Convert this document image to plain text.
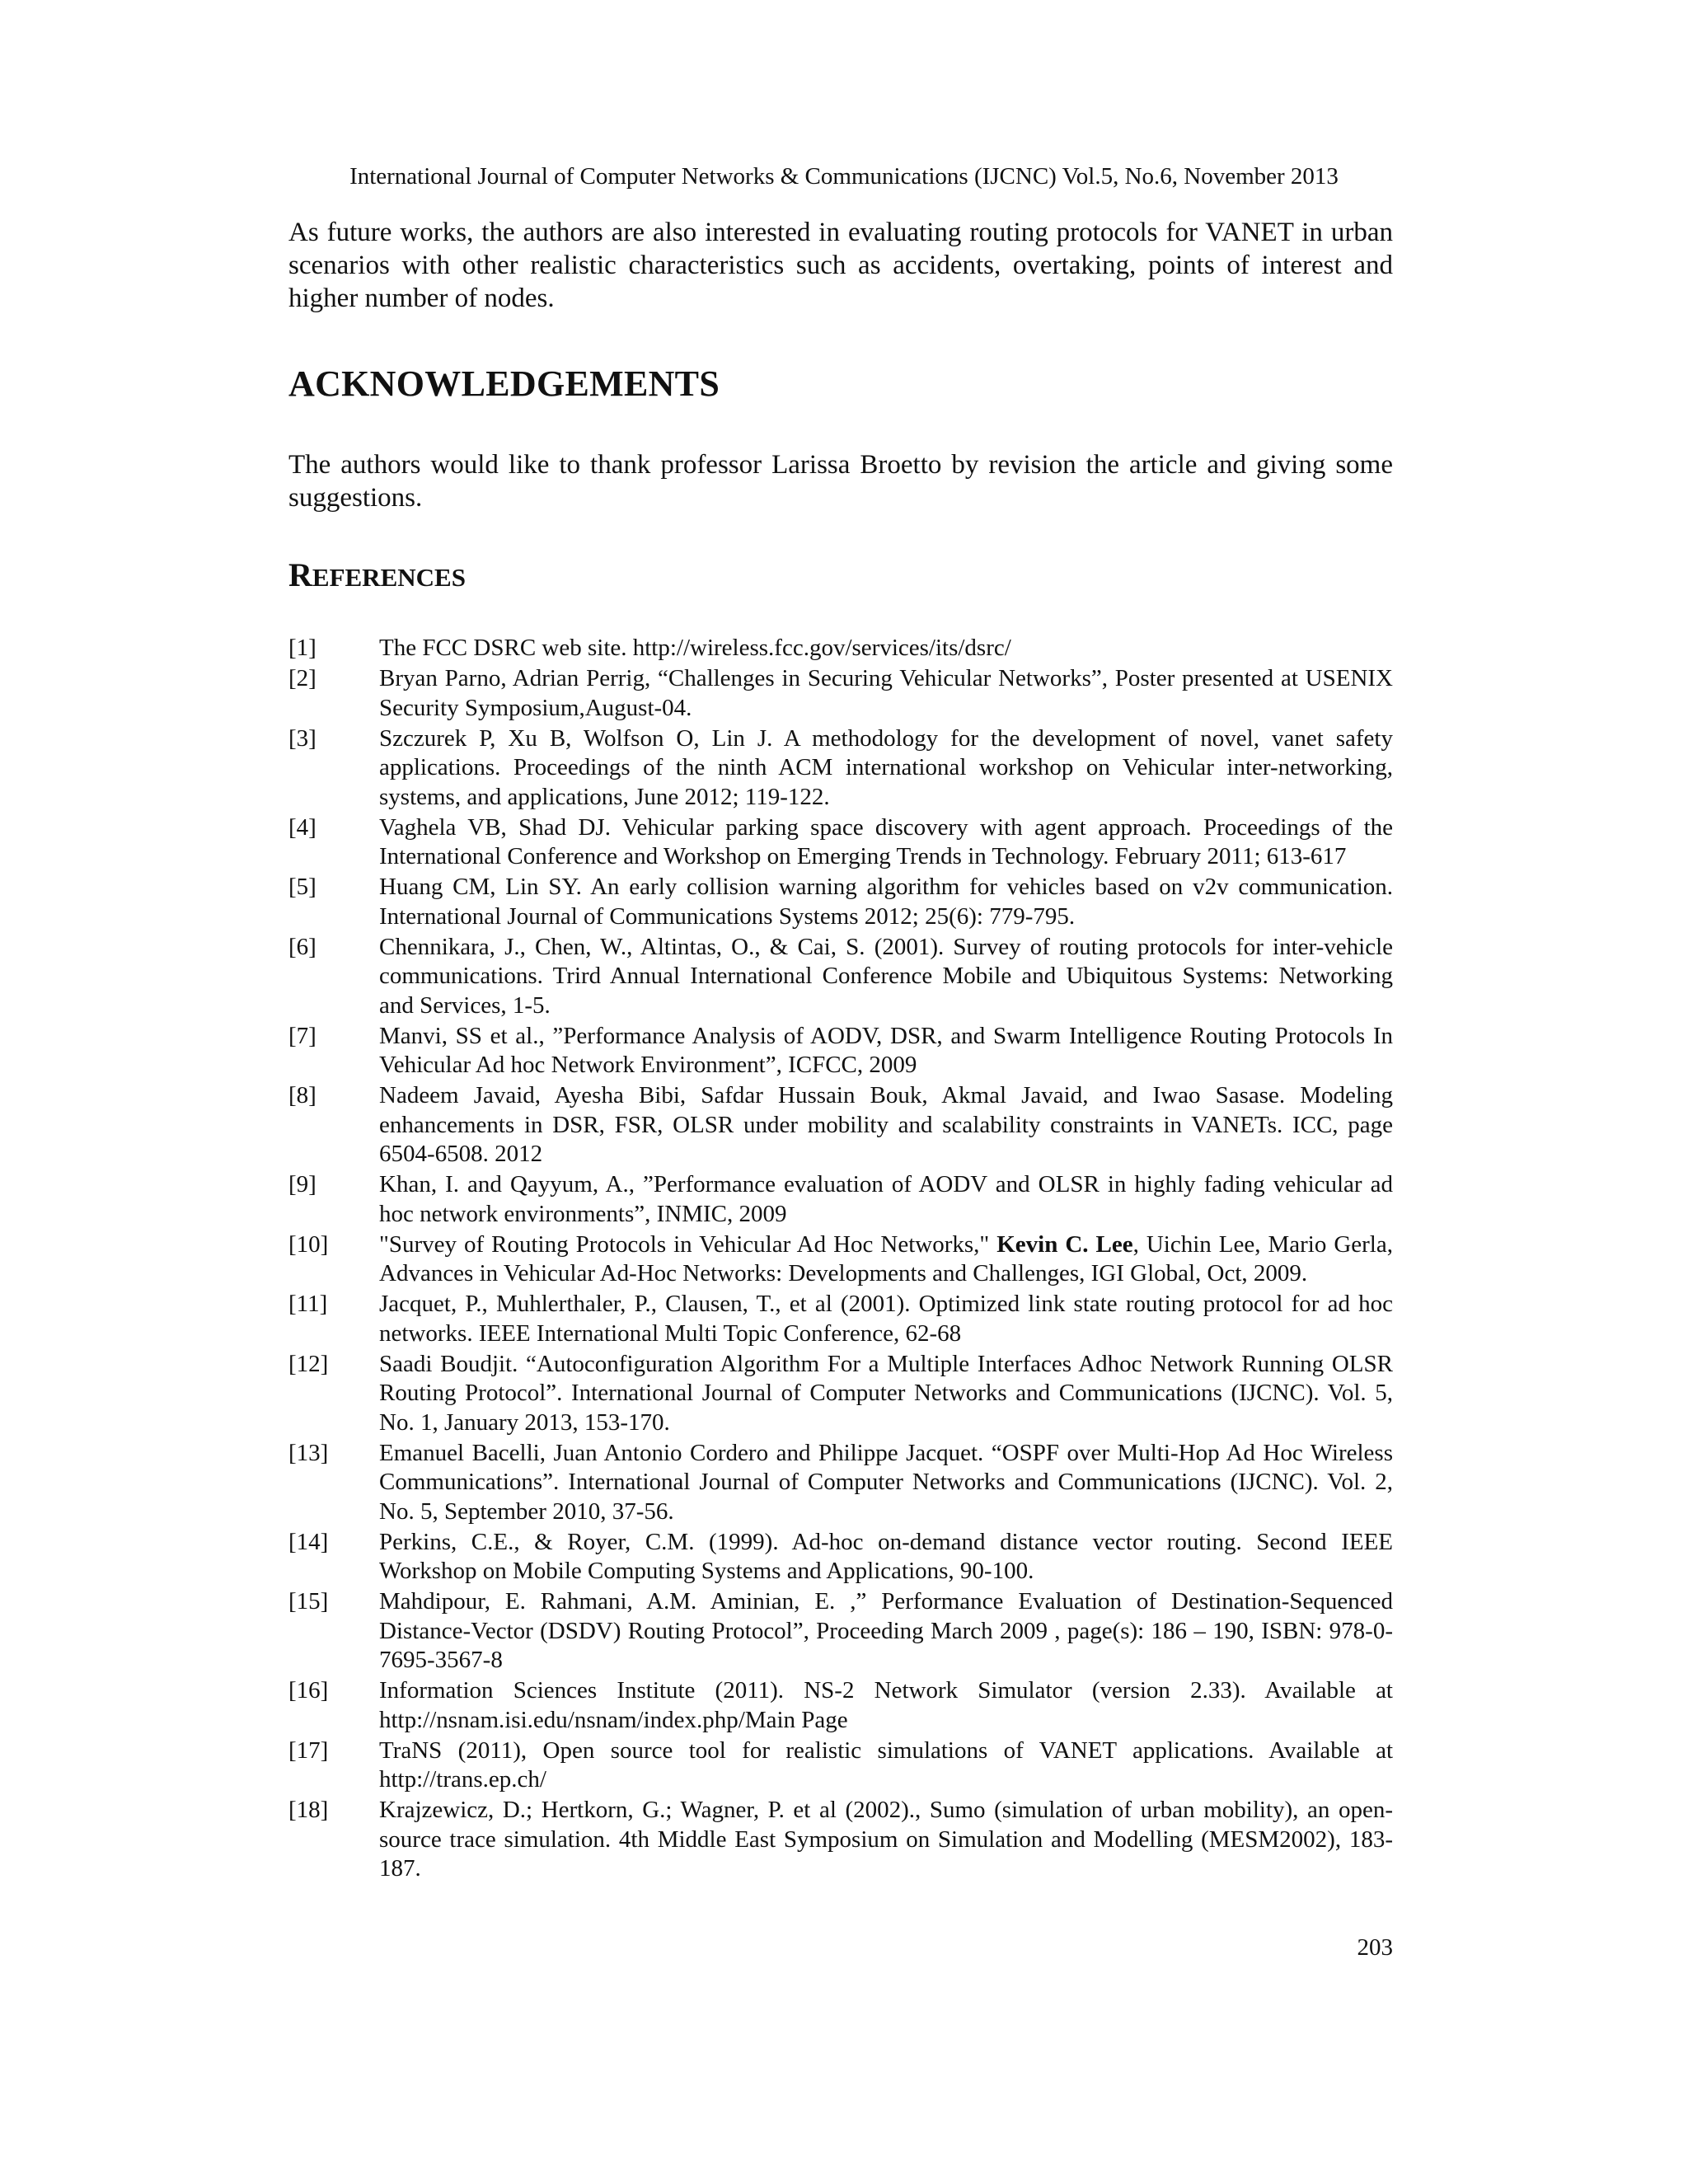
International Journal of Computer Networks & Communications (IJCNC) Vol.5, No.6, November 2013

As future works, the authors are also interested in evaluating routing protocols for VANET in urban scenarios with other realistic characteristics such as accidents, overtaking, points of interest and higher number of nodes.

ACKNOWLEDGEMENTS

The authors would like to thank professor Larissa Broetto by revision the article and giving some suggestions.

REFERENCES
[1]	The FCC DSRC web site. http://wireless.fcc.gov/services/its/dsrc/
[2]	Bryan Parno, Adrian Perrig, “Challenges in Securing Vehicular Networks”, Poster presented at USENIX Security Symposium,August-04.
[3]	Szczurek P, Xu B, Wolfson O, Lin J. A methodology for the development of novel, vanet safety applications. Proceedings of the ninth ACM international workshop on Vehicular inter-networking, systems, and applications, June 2012; 119-122.
[4]	Vaghela VB, Shad DJ. Vehicular parking space discovery with agent approach. Proceedings of the International Conference and Workshop on Emerging Trends in Technology. February 2011; 613-617
[5]	Huang CM, Lin SY. An early collision warning algorithm for vehicles based on v2v communication. International Journal of Communications Systems 2012; 25(6): 779-795.
[6]	Chennikara, J., Chen, W., Altintas, O., & Cai, S. (2001). Survey of routing protocols for inter-vehicle communications. Trird Annual International Conference Mobile and Ubiquitous Systems: Networking and Services, 1-5.
[7]	Manvi, SS et al., ”Performance Analysis of AODV, DSR, and Swarm Intelligence Routing Protocols In Vehicular Ad hoc Network Environment”, ICFCC, 2009
[8]	Nadeem Javaid, Ayesha Bibi, Safdar Hussain Bouk, Akmal Javaid, and Iwao Sasase. Modeling enhancements in DSR, FSR, OLSR under mobility and scalability constraints in VANETs. ICC, page 6504-6508. 2012
[9]	Khan, I. and Qayyum, A., ”Performance evaluation of AODV and OLSR in highly fading vehicular ad hoc network environments”, INMIC, 2009
[10]	"Survey of Routing Protocols in Vehicular Ad Hoc Networks," Kevin C. Lee, Uichin Lee, Mario Gerla, Advances in Vehicular Ad-Hoc Networks: Developments and Challenges, IGI Global, Oct, 2009.
[11]	Jacquet, P., Muhlerthaler, P., Clausen, T., et al (2001). Optimized link state routing protocol for ad hoc networks. IEEE International Multi Topic Conference, 62-68
[12]	Saadi Boudjit. “Autoconfiguration Algorithm For a Multiple Interfaces Adhoc Network Running OLSR Routing Protocol”. International Journal of Computer Networks and Communications (IJCNC). Vol. 5, No. 1, January 2013, 153-170.
[13]	Emanuel Bacelli, Juan Antonio Cordero and Philippe Jacquet. “OSPF over Multi-Hop Ad Hoc Wireless Communications”. International Journal of Computer Networks and Communications (IJCNC). Vol. 2, No. 5, September 2010, 37-56.
[14]	Perkins, C.E., & Royer, C.M. (1999). Ad-hoc on-demand distance vector routing. Second IEEE Workshop on Mobile Computing Systems and Applications, 90-100.
[15]	Mahdipour, E. Rahmani, A.M. Aminian, E. ,” Performance Evaluation of Destination-Sequenced Distance-Vector (DSDV) Routing Protocol”, Proceeding March 2009 , page(s): 186 – 190, ISBN: 978-0-7695-3567-8
[16]	Information Sciences Institute (2011). NS-2 Network Simulator (version 2.33). Available at http://nsnam.isi.edu/nsnam/index.php/Main Page
[17]	TraNS (2011), Open source tool for realistic simulations of VANET applications. Available at http://trans.ep.ch/
[18]	Krajzewicz, D.; Hertkorn, G.; Wagner, P. et al (2002)., Sumo (simulation of urban mobility), an open-source trace simulation. 4th Middle East Symposium on Simulation and Modelling (MESM2002), 183-187.
203
